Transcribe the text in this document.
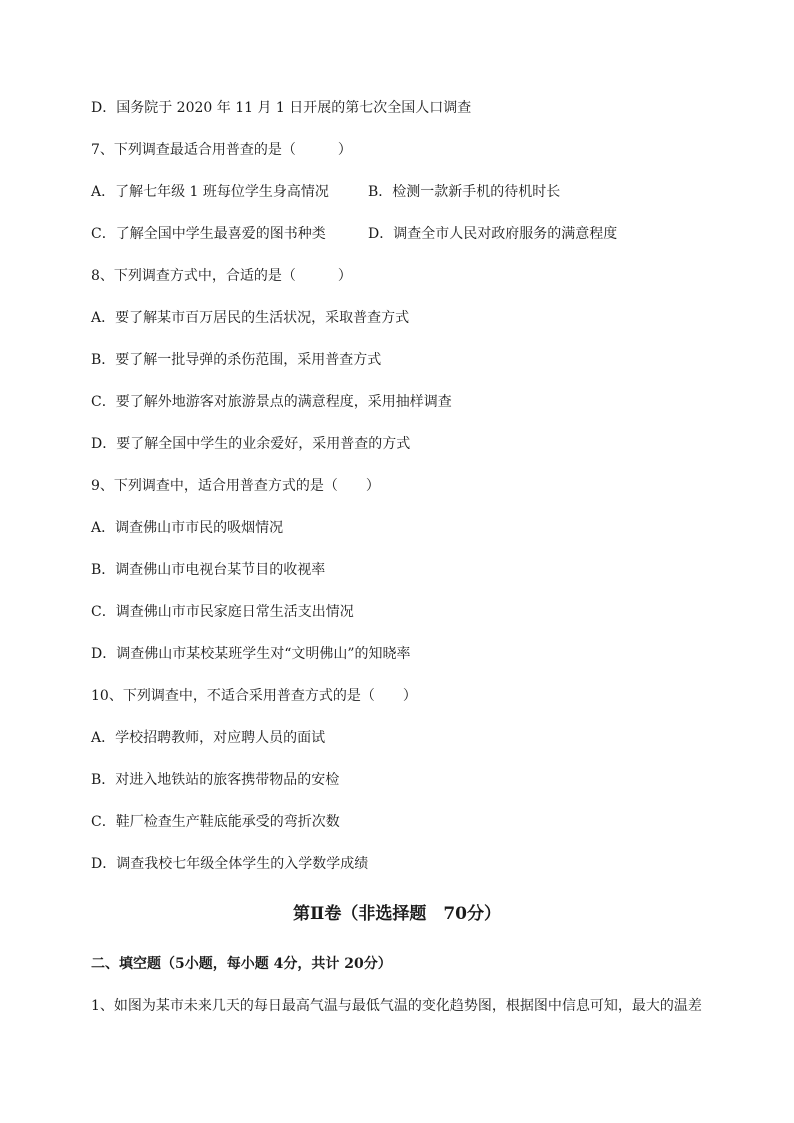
D．国务院于 2020 年 11 月 1 日开展的第七次全国人口调查
7、下列调查最适合用普查的是（　　　）
A．了解七年级 1 班每位学生身高情况	B．检测一款新手机的待机时长
C．了解全国中学生最喜爱的图书种类	D．调查全市人民对政府服务的满意程度
8、下列调查方式中，合适的是（　　　）
A．要了解某市百万居民的生活状况，采取普查方式
B．要了解一批导弹的杀伤范围，采用普查方式
C．要了解外地游客对旅游景点的满意程度，采用抽样调查
D．要了解全国中学生的业余爱好，采用普查的方式
9、下列调查中，适合用普查方式的是（　　）
A．调查佛山市市民的吸烟情况
B．调查佛山市电视台某节目的收视率
C．调查佛山市市民家庭日常生活支出情况
D．调查佛山市某校某班学生对“文明佛山”的知晓率
10、下列调查中，不适合采用普查方式的是（　　）
A．学校招聘教师，对应聘人员的面试
B．对进入地铁站的旅客携带物品的安检
C．鞋厂检查生产鞋底能承受的弯折次数
D．调查我校七年级全体学生的入学数学成绩
第Ⅱ卷（非选择题　70分）
二、填空题（5小题，每小题 4分，共计 20分）
1、如图为某市未来几天的每日最高气温与最低气温的变化趋势图，根据图中信息可知，最大的温差
